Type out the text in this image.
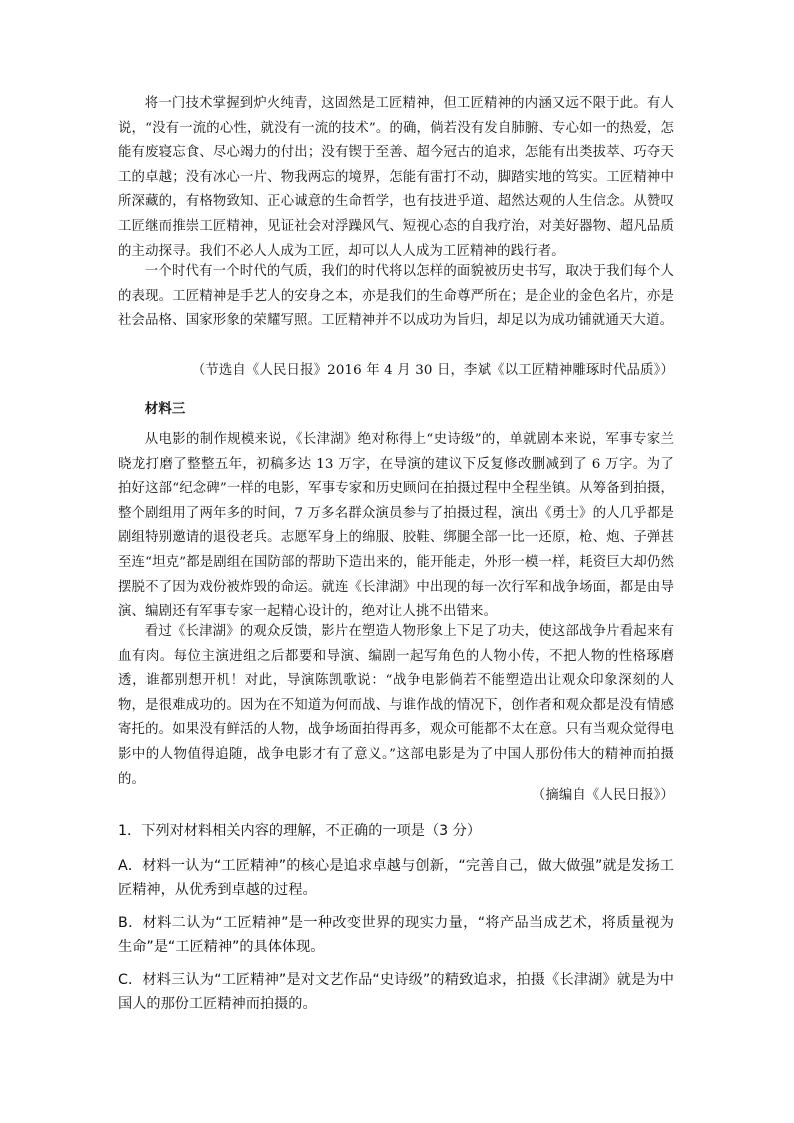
将一门技术掌握到炉火纯青，这固然是工匠精神，但工匠精神的内涵又远不限于此。有人说，“没有一流的心性，就没有一流的技术”。的确，倘若没有发自肺腑、专心如一的热爱，怎能有废寝忘食、尽心竭力的付出；没有锲于至善、超今冠古的追求，怎能有出类拔萃、巧夺天工的卓越；没有冰心一片、物我两忘的境界，怎能有雷打不动，脚踏实地的笃实。工匠精神中所深藏的，有格物致知、正心诚意的生命哲学，也有技进乎道、超然达观的人生信念。从赞叹工匠继而推崇工匠精神，见证社会对浮躁风气、短视心态的自我疗治，对美好器物、超凡品质的主动探寻。我们不必人人成为工匠，却可以人人成为工匠精神的践行者。

一个时代有一个时代的气质，我们的时代将以怎样的面貌被历史书写，取决于我们每个人的表现。工匠精神是手艺人的安身之本，亦是我们的生命尊严所在；是企业的金色名片，亦是社会品格、国家形象的荣耀写照。工匠精神并不以成功为旨归，却足以为成功铺就通天大道。

（节选自《人民日报》2016 年 4 月 30 日，李斌《以工匠精神雕琢时代品质》）

材料三

从电影的制作规模来说，《长津湖》绝对称得上“史诗级”的，单就剧本来说，军事专家兰晓龙打磨了整整五年，初稿多达 13 万字，在导演的建议下反复修改删减到了 6 万字。为了拍好这部“纪念碑”一样的电影，军事专家和历史顾问在拍摄过程中全程坐镇。从筹备到拍摄，整个剧组用了两年多的时间，7 万多名群众演员参与了拍摄过程，演出《勇士》的人几乎都是剧组特别邀请的退役老兵。志愿军身上的绵服、胶鞋、绑腿全部一比一还原，枪、炮、子弹甚至连“坦克”都是剧组在国防部的帮助下造出来的，能开能走，外形一模一样，耗资巨大却仍然摆脱不了因为戏份被炸毁的命运。就连《长津湖》中出现的每一次行军和战争场面，都是由导演、编剧还有军事专家一起精心设计的，绝对让人挑不出错来。

看过《长津湖》的观众反馈，影片在塑造人物形象上下足了功夫，使这部战争片看起来有血有肉。每位主演进组之后都要和导演、编剧一起写角色的人物小传，不把人物的性格琢磨透，谁都别想开机！对此，导演陈凯歌说：“战争电影倘若不能塑造出让观众印象深刻的人物，是很难成功的。因为在不知道为何而战、与谁作战的情况下，创作者和观众都是没有情感寄托的。如果没有鲜活的人物，战争场面拍得再多，观众可能都不太在意。只有当观众觉得电影中的人物值得追随，战争电影才有了意义。”这部电影是为了中国人那份伟大的精神而拍摄的。

（摘编自《人民日报》）

1．下列对材料相关内容的理解，不正确的一项是（3 分）

A．材料一认为“工匠精神”的核心是追求卓越与创新，“完善自己，做大做强”就是发扬工匠精神，从优秀到卓越的过程。

B．材料二认为“工匠精神”是一种改变世界的现实力量，“将产品当成艺术，将质量视为生命”是“工匠精神”的具体体现。

C．材料三认为“工匠精神”是对文艺作品“史诗级”的精致追求，拍摄《长津湖》就是为中国人的那份工匠精神而拍摄的。
